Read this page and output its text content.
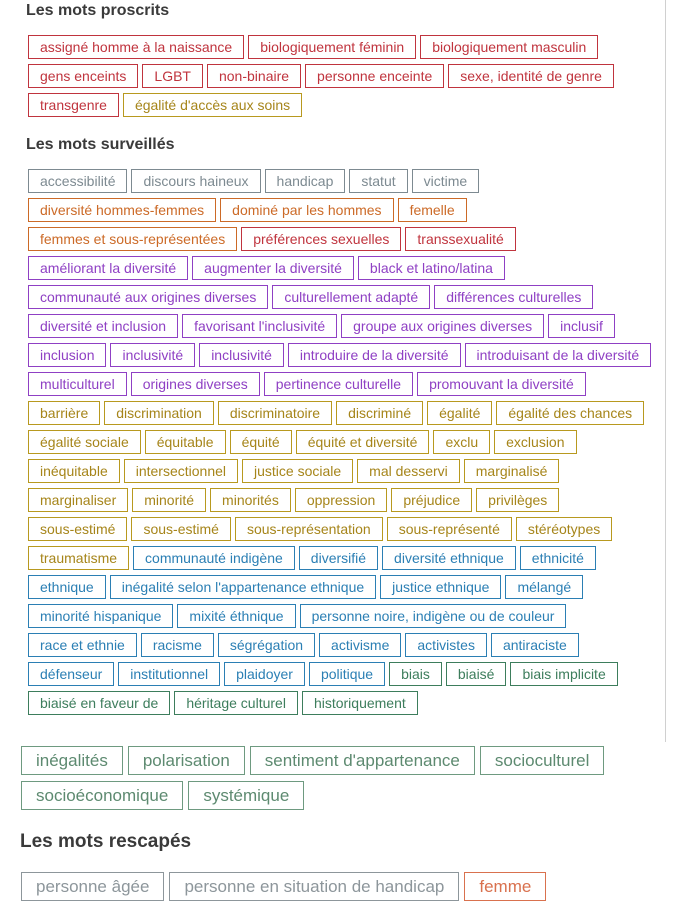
Les mots proscrits
assigné homme à la naissance	biologiquement féminin	biologiquement masculin
gens enceints	LGBT	non-binaire	personne enceinte	sexe, identité de genre
transgenre	égalité d'accès aux soins
Les mots surveillés
accessibilité	discours haineux	handicap	statut	victime
diversité hommes-femmes	dominé par les hommes	femelle
femmes et sous-représentées	préférences sexuelles	transsexualité
améliorant la diversité	augmenter la diversité	black et latino/latina
communauté aux origines diverses	culturellement adapté	différences culturelles
diversité et inclusion	favorisant l'inclusivité	groupe aux origines diverses	inclusif
inclusion	inclusivité	inclusivité	introduire de la diversité	introduisant de la diversité
multiculturel	origines diverses	pertinence culturelle	promouvant la diversité
barrière	discrimination	discriminatoire	discriminé	égalité	égalité des chances
égalité sociale	équitable	équité	équité et diversité	exclu	exclusion
inéquitable	intersectionnel	justice sociale	mal desservi	marginalisé
marginaliser	minorité	minorités	oppression	préjudice	privilèges
sous-estimé	sous-estimé	sous-représentation	sous-représenté	stéréotypes
traumatisme	communauté indigène	diversifié	diversité ethnique	ethnicité
ethnique	inégalité selon l'appartenance ethnique	justice ethnique	mélangé
minorité hispanique	mixité éthnique	personne noire, indigène ou de couleur
race et ethnie	racisme	ségrégation	activisme	activistes	antiraciste
défenseur	institutionnel	plaidoyer	politique	biais	biaisé	biais implicite
biaisé en faveur de	héritage culturel	historiquement
inégalités	polarisation	sentiment d'appartenance	socioculturel
socioéconomique	systémique
Les mots rescapés
personne âgée	personne en situation de handicap	femme
